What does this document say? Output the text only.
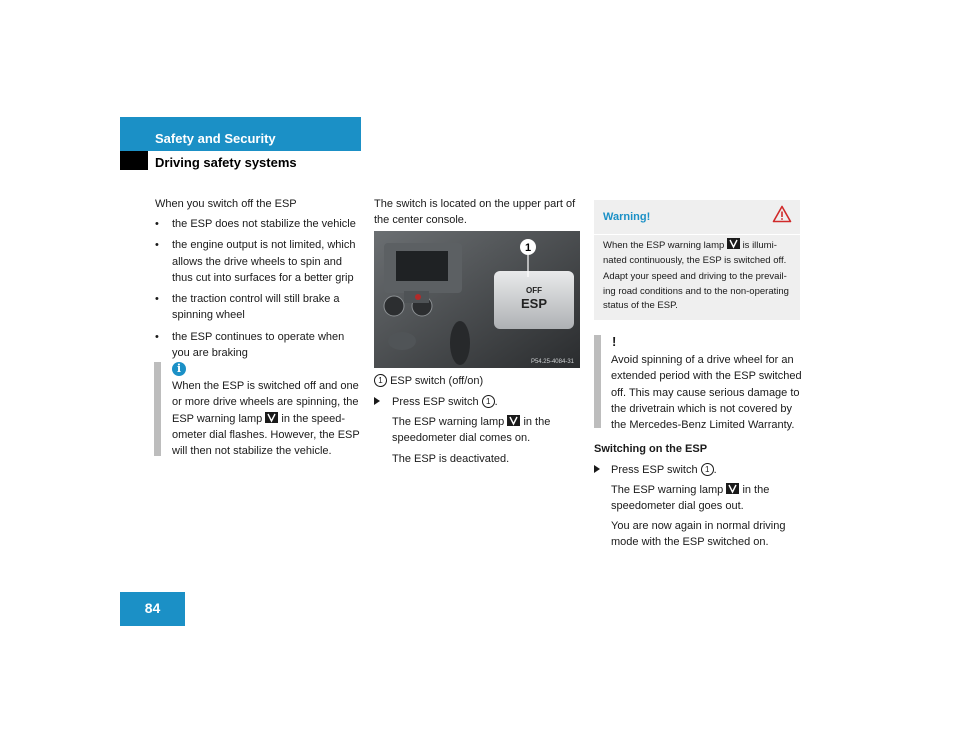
Safety and Security
Driving safety systems
When you switch off the ESP
• the ESP does not stabilize the vehicle
• the engine output is not limited, which allows the drive wheels to spin and thus cut into surfaces for a better grip
• the traction control will still brake a spinning wheel
• the ESP continues to operate when you are braking
i
When the ESP is switched off and one or more drive wheels are spinning, the ESP warning lamp in the speed-ometer dial flashes. However, the ESP will then not stabilize the vehicle.
The switch is located on the upper part of the center console.
1
OFF
ESP
P54.25-4084-31
1 ESP switch (off/on)
Press ESP switch 1 .
The ESP warning lamp in the speedometer dial comes on.
The ESP is deactivated.
Warning!
When the ESP warning lamp is illumi-nated continuously, the ESP is switched off.
Adapt your speed and driving to the prevail-ing road conditions and to the non-operating status of the ESP.
!
Avoid spinning of a drive wheel for an extended period with the ESP switched off. This may cause serious damage to the drivetrain which is not covered by the Mercedes-Benz Limited Warranty.
Switching on the ESP
Press ESP switch 1 .
The ESP warning lamp in the speedometer dial goes out.
You are now again in normal driving mode with the ESP switched on.
84
